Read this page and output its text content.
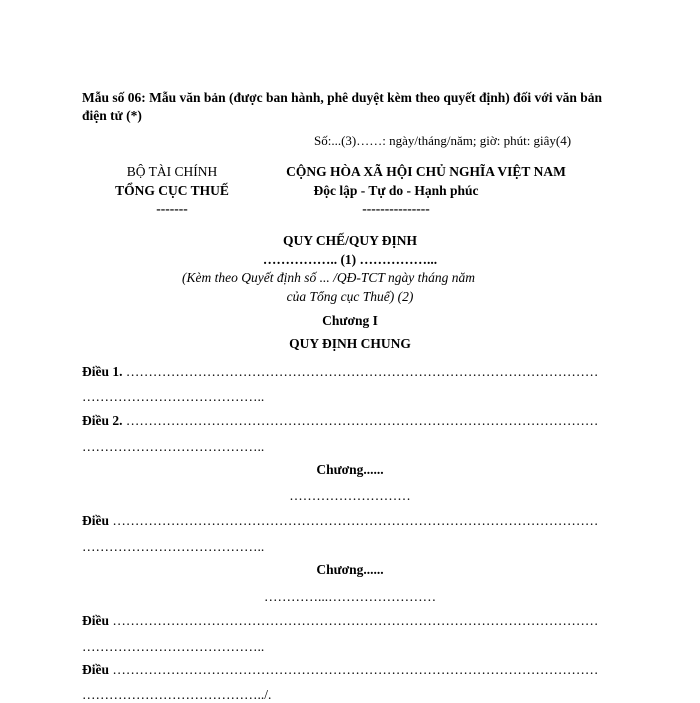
Mẫu số 06: Mẫu văn bản (được ban hành, phê duyệt kèm theo quyết định) đối với văn bản
điện tử (*)
Số:...(3)……: ngày/tháng/năm; giờ: phút: giây(4)
BỘ TÀI CHÍNH
TỔNG CỤC THUẾ
-------
CỘNG HÒA XÃ HỘI CHỦ NGHĨA VIỆT NAM
Độc lập - Tự do - Hạnh phúc
---------------
QUY CHẾ/QUY ĐỊNH
…………….. (1) ……………...
(Kèm theo Quyết định số ... /QĐ-TCT ngày tháng năm
của Tổng cục Thuế) (2)
Chương I
QUY ĐỊNH CHUNG
Điều 1. ……………………………………………………………………………………………
…………………………………..
Điều 2. ……………………………………………………………………………………………
…………………………………..
Chương......
………………………
Điều ………………………………………………………………………………………………
…………………………………..
Chương......
…………...……………………
Điều ………………………………………………………………………………………………
…………………………………..
Điều ………………………………………………………………………………………………
…………………………………../.
